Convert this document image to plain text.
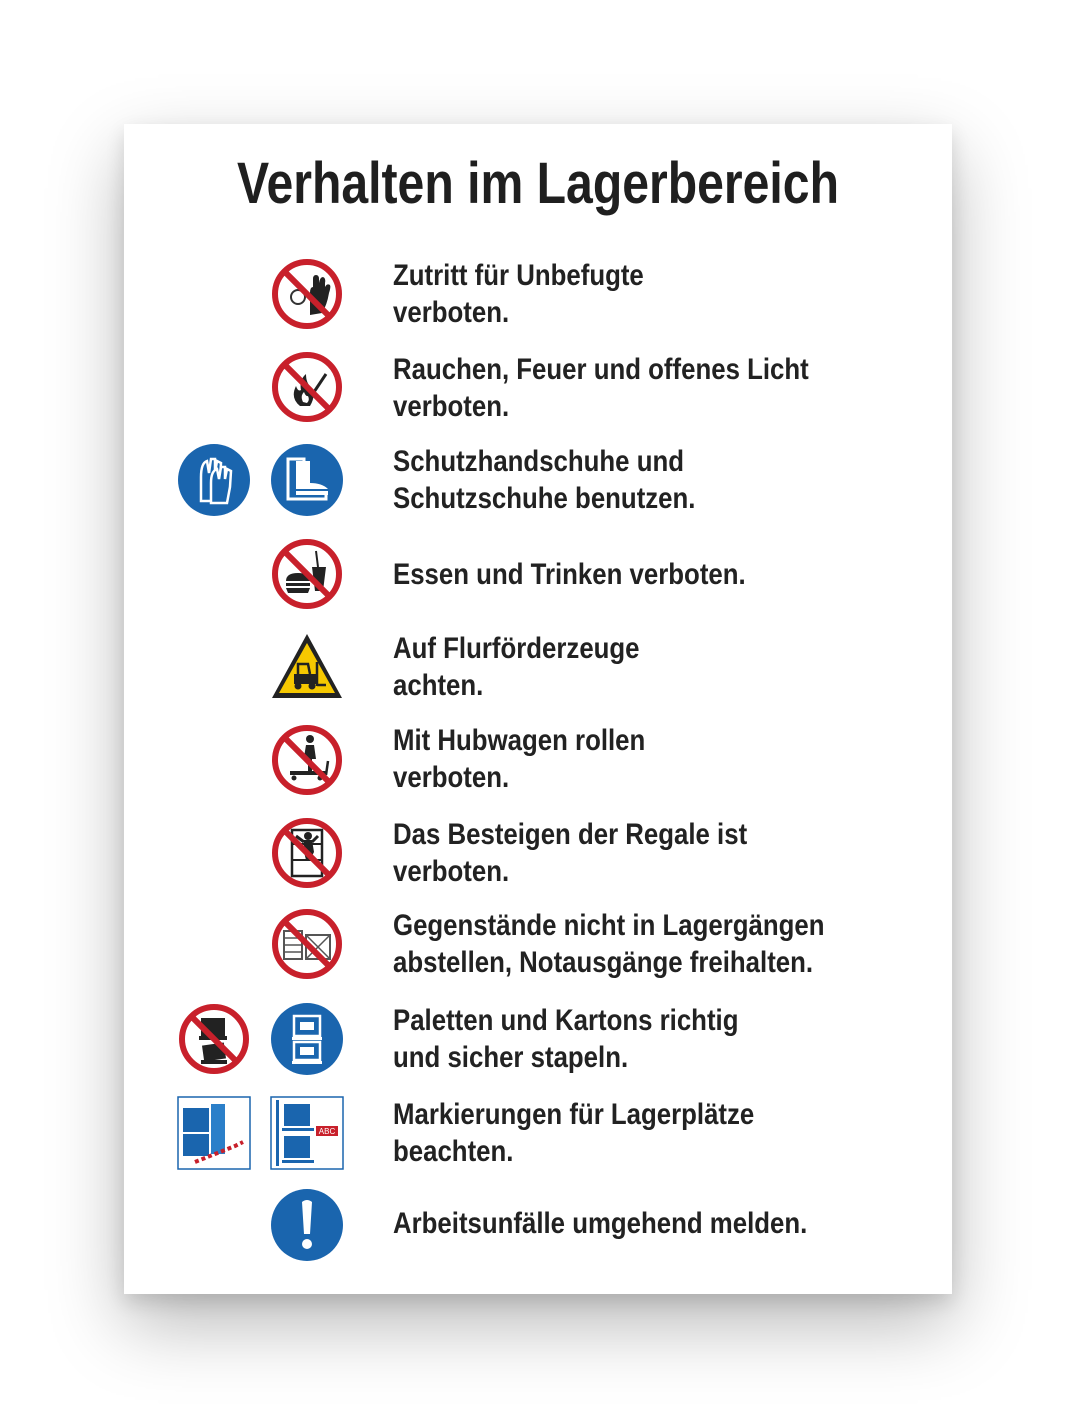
Verhalten im Lagerbereich
Zutritt für Unbefugte
verboten.
Rauchen, Feuer und offenes Licht
verboten.
Schutzhandschuhe und
Schutzschuhe benutzen.
Essen und Trinken verboten.
Auf Flurförderzeuge
achten.
Mit Hubwagen rollen
verboten.
Das Besteigen der Regale ist
verboten.
Gegenstände nicht in Lagergängen
abstellen, Notausgänge freihalten.
Paletten und Kartons richtig
und sicher stapeln.
ABC
Markierungen für Lagerplätze
beachten.
Arbeitsunfälle umgehend melden.
